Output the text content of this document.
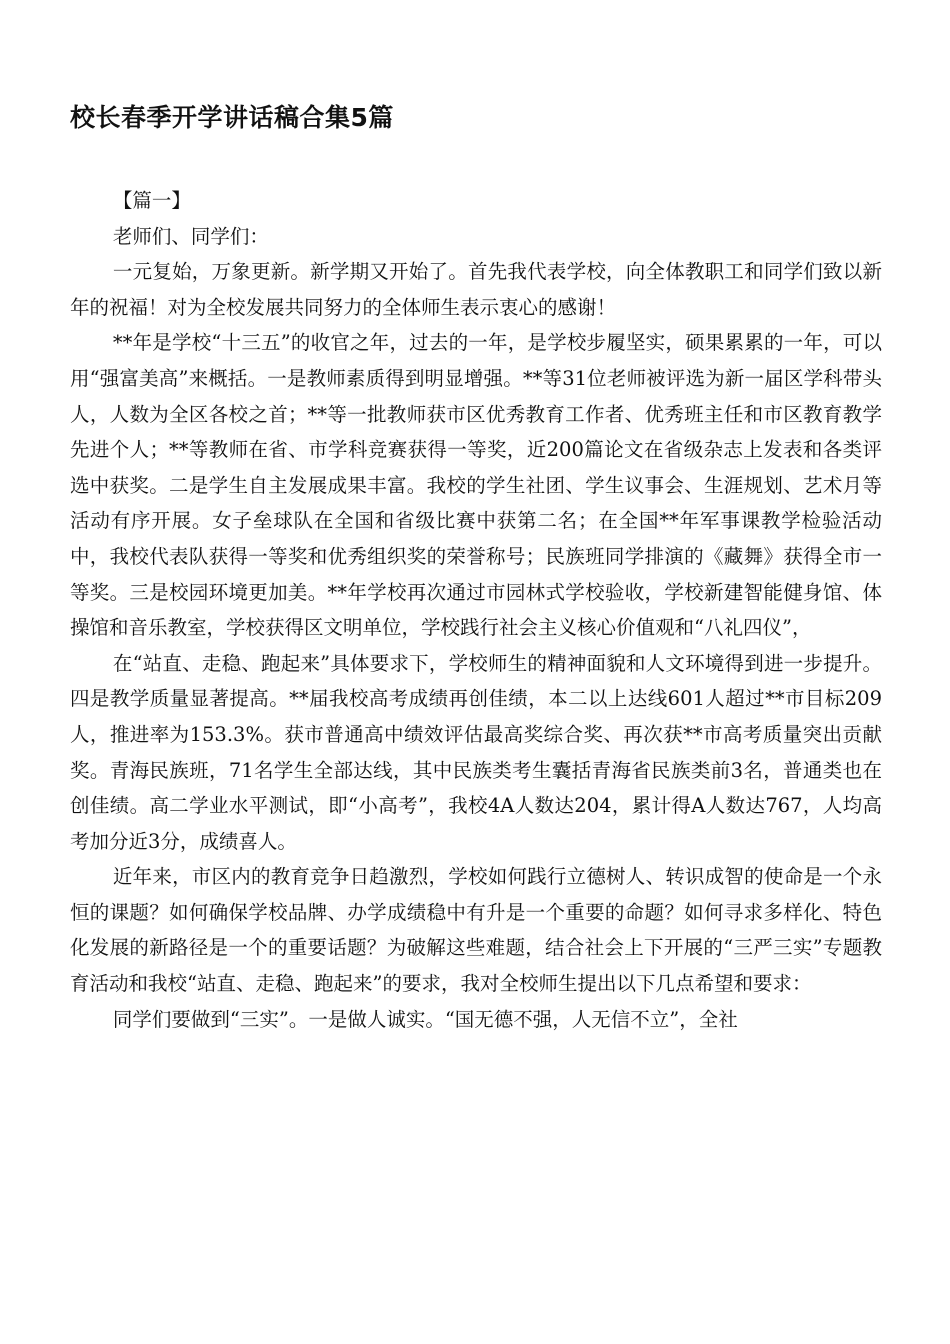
校长春季开学讲话稿合集5篇

【篇一】

老师们、同学们：

一元复始，万象更新。新学期又开始了。首先我代表学校，向全体教职工和同学们致以新年的祝福！对为全校发展共同努力的全体师生表示衷心的感谢！

**年是学校“十三五”的收官之年，过去的一年，是学校步履坚实，硕果累累的一年，可以用“强富美高”来概括。一是教师素质得到明显增强。**等31位老师被评选为新一届区学科带头人，人数为全区各校之首；**等一批教师获市区优秀教育工作者、优秀班主任和市区教育教学先进个人；**等教师在省、市学科竞赛获得一等奖，近200篇论文在省级杂志上发表和各类评选中获奖。二是学生自主发展成果丰富。我校的学生社团、学生议事会、生涯规划、艺术月等活动有序开展。女子垒球队在全国和省级比赛中获第二名；在全国**年军事课教学检验活动中，我校代表队获得一等奖和优秀组织奖的荣誉称号；民族班同学排演的《藏舞》获得全市一等奖。三是校园环境更加美。**年学校再次通过市园林式学校验收，学校新建智能健身馆、体操馆和音乐教室，学校获得区文明单位，学校践行社会主义核心价值观和“八礼四仪”，

在“站直、走稳、跑起来”具体要求下，学校师生的精神面貌和人文环境得到进一步提升。四是教学质量显著提高。**届我校高考成绩再创佳绩，本二以上达线601人超过**市目标209人，推进率为153.3%。获市普通高中绩效评估最高奖综合奖、再次获**市高考质量突出贡献奖。青海民族班，71名学生全部达线，其中民族类考生囊括青海省民族类前3名，普通类也在创佳绩。高二学业水平测试，即“小高考”，我校4A人数达204，累计得A人数达767，人均高考加分近3分，成绩喜人。

近年来，市区内的教育竞争日趋激烈，学校如何践行立德树人、转识成智的使命是一个永恒的课题？如何确保学校品牌、办学成绩稳中有升是一个重要的命题？如何寻求多样化、特色化发展的新路径是一个的重要话题？为破解这些难题，结合社会上下开展的“三严三实”专题教育活动和我校“站直、走稳、跑起来”的要求，我对全校师生提出以下几点希望和要求：

同学们要做到“三实”。一是做人诚实。“国无德不强，人无信不立”，全社
